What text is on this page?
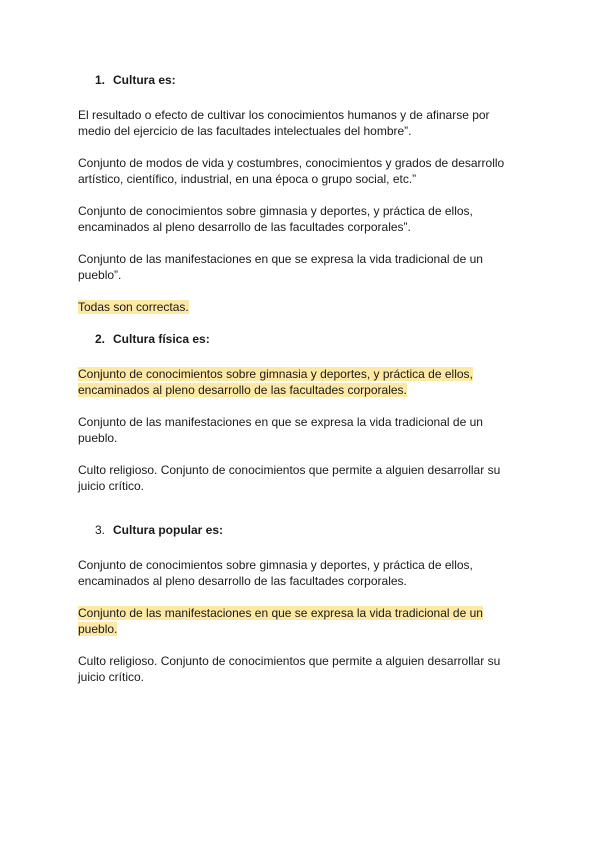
1. Cultura es:

El resultado o efecto de cultivar los conocimientos humanos y de afinarse por medio del ejercicio de las facultades intelectuales del hombre”.

Conjunto de modos de vida y costumbres, conocimientos y grados de desarrollo artístico, científico, industrial, en una época o grupo social, etc.”

Conjunto de conocimientos sobre gimnasia y deportes, y práctica de ellos, encaminados al pleno desarrollo de las facultades corporales”.

Conjunto de las manifestaciones en que se expresa la vida tradicional de un pueblo”.

Todas son correctas.

2. Cultura física es:

Conjunto de conocimientos sobre gimnasia y deportes, y práctica de ellos, encaminados al pleno desarrollo de las facultades corporales.

Conjunto de las manifestaciones en que se expresa la vida tradicional de un pueblo.

Culto religioso. Conjunto de conocimientos que permite a alguien desarrollar su juicio crítico.

3. Cultura popular es:

Conjunto de conocimientos sobre gimnasia y deportes, y práctica de ellos, encaminados al pleno desarrollo de las facultades corporales.

Conjunto de las manifestaciones en que se expresa la vida tradicional de un pueblo.

Culto religioso. Conjunto de conocimientos que permite a alguien desarrollar su juicio crítico.
